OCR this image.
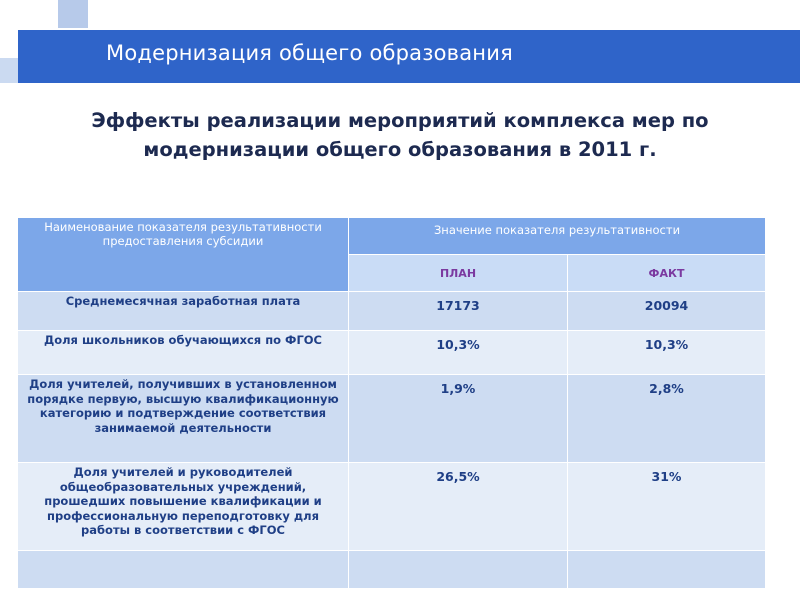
Модернизация общего образования
Эффекты реализации мероприятий комплекса мер по модернизации общего образования в 2011 г.
Наименование показателя результативности предоставления субсидии	Значение показателя результативности	
	ПЛАН	ФАКТ
Среднемесячная заработная плата	17173	20094
Доля школьников обучающихся по ФГОС	10,3%	10,3%
Доля учителей, получивших в установленном порядке первую, высшую квалификационную категорию и подтверждение соответствия занимаемой деятельности	1,9%	2,8%
Доля учителей и руководителей общеобразовательных учреждений, прошедших повышение квалификации и профессиональную переподготовку для работы в соответствии с ФГОС	26,5%	31%
